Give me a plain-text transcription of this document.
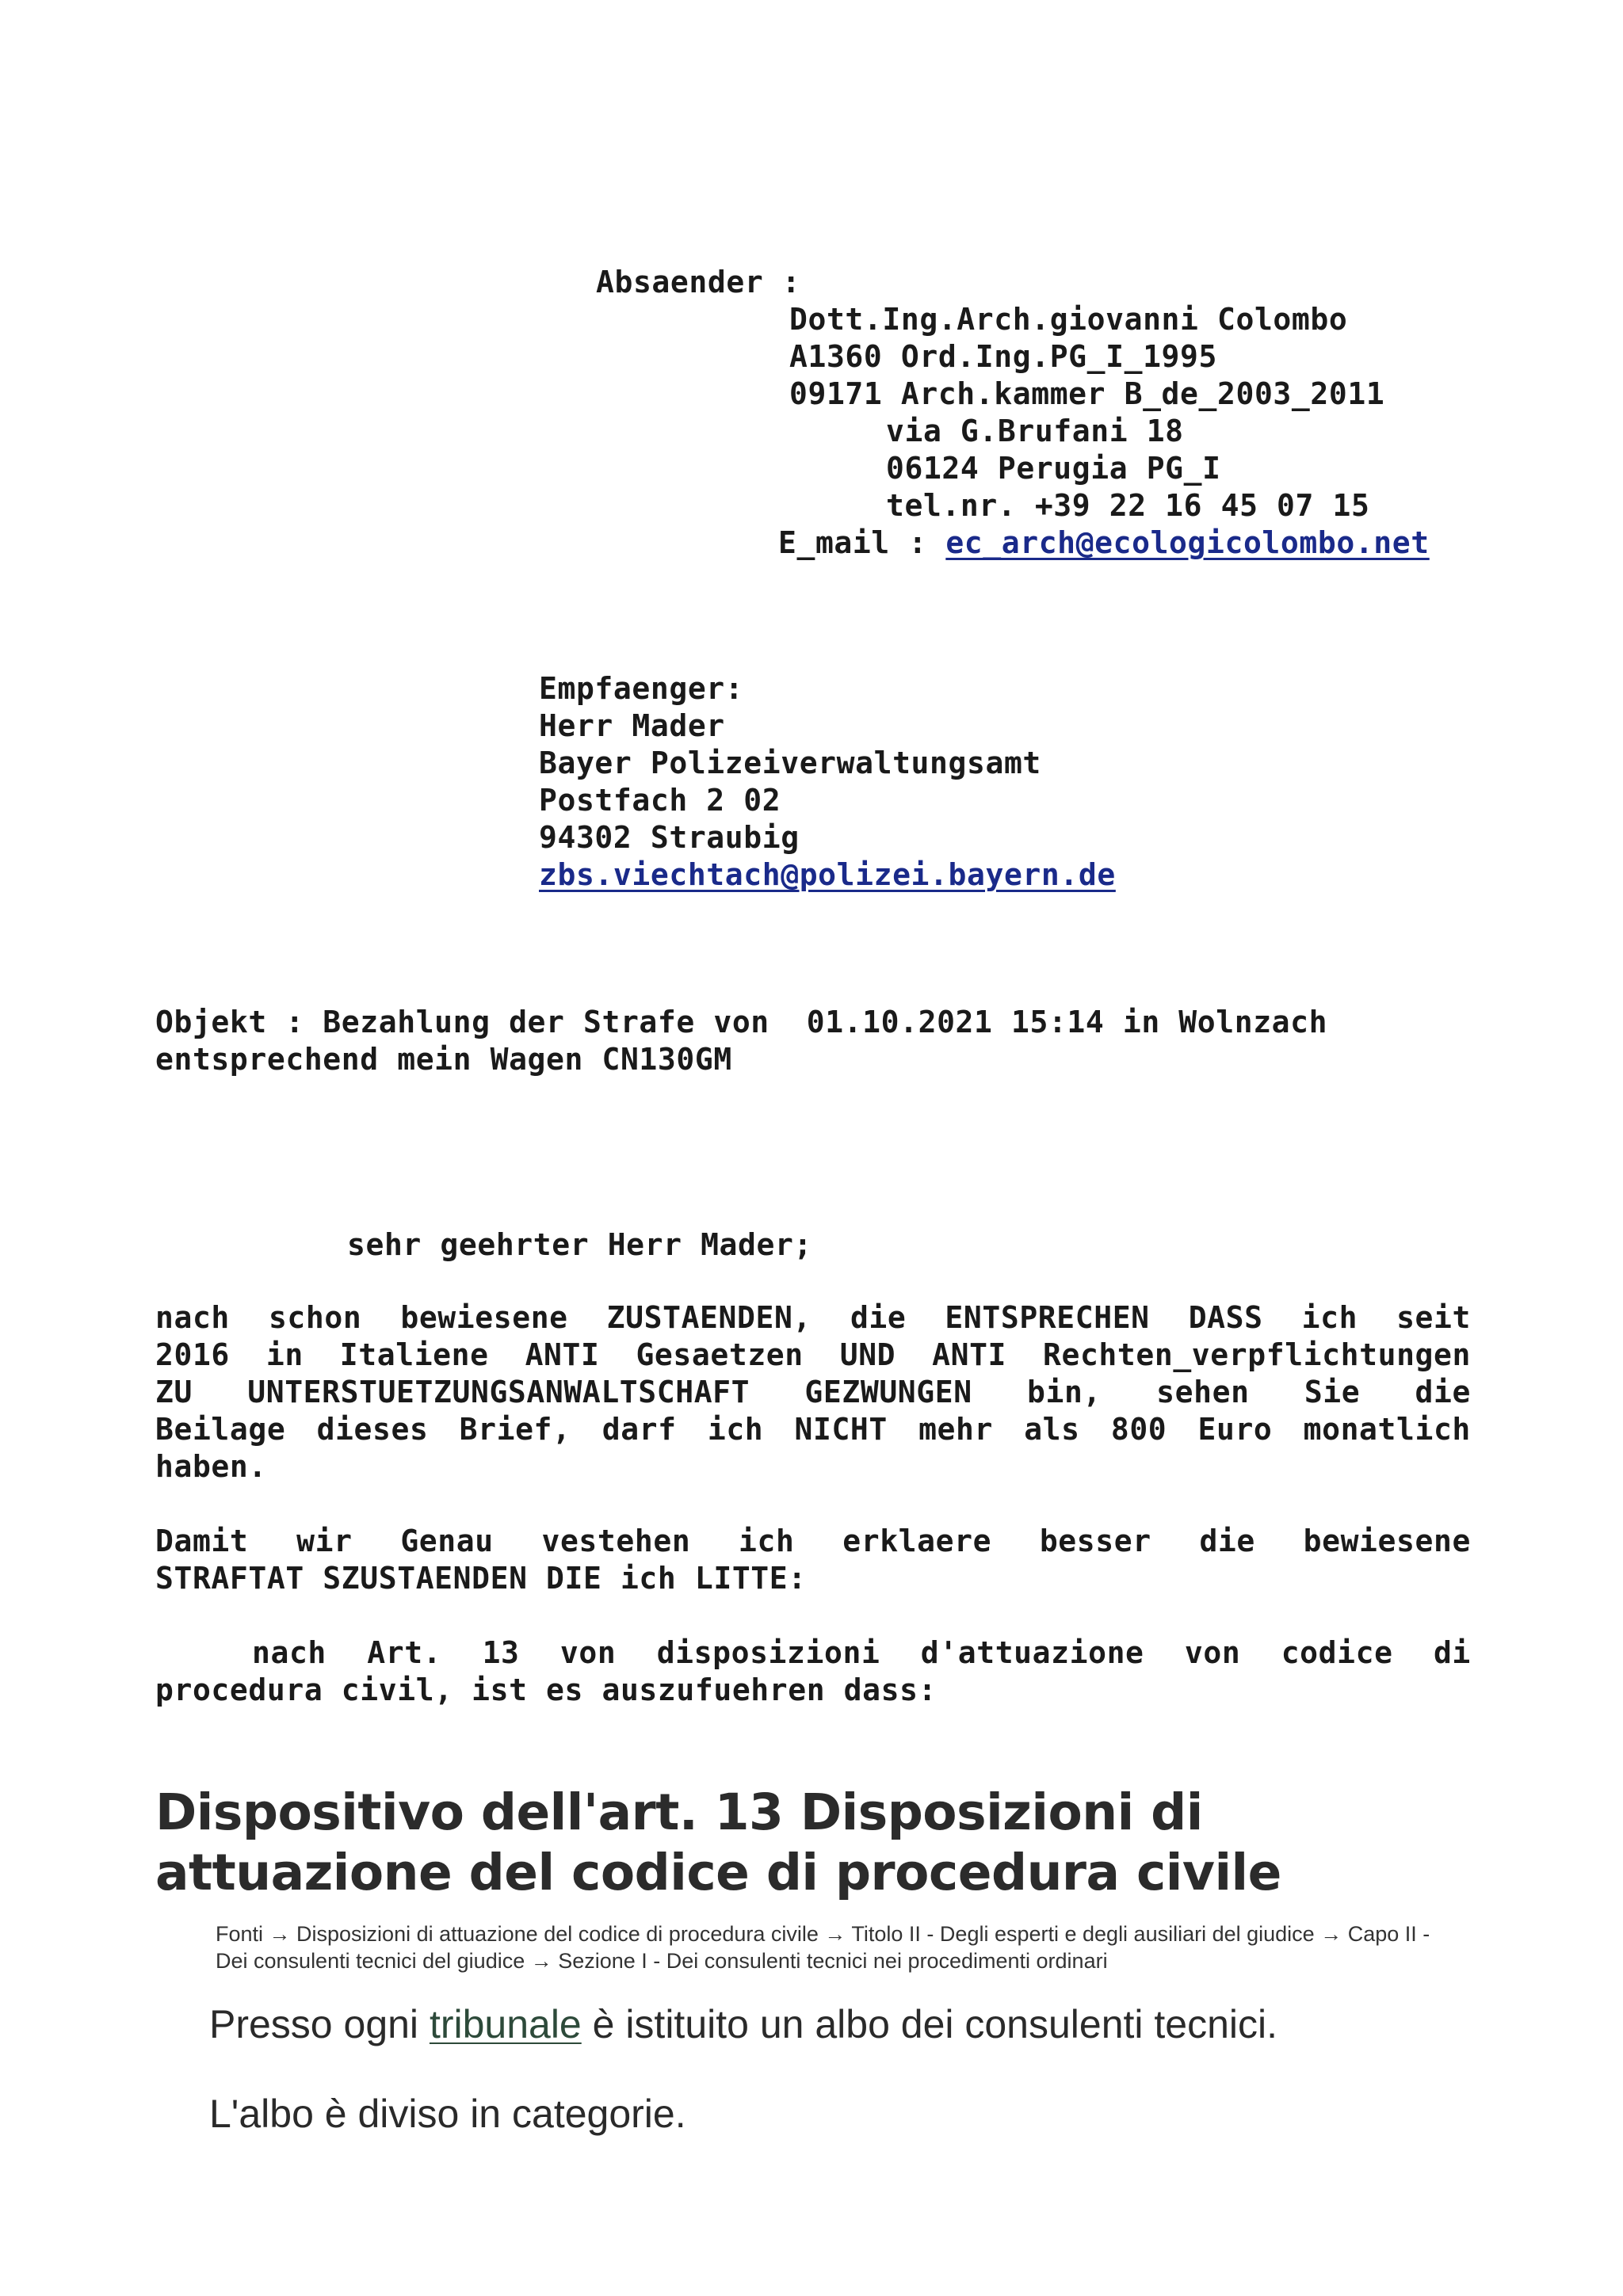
Absaender :
Dott.Ing.Arch.giovanni Colombo
A1360 Ord.Ing.PG_I_1995
09171 Arch.kammer B_de_2003_2011
via G.Brufani 18
06124 Perugia PG_I
tel.nr. +39 22 16 45 07 15
E_mail : ec_arch@ecologicolombo.net
Empfaenger:
Herr Mader
Bayer Polizeiverwaltungsamt
Postfach 2 02
94302 Straubig
zbs.viechtach@polizei.bayern.de
Objekt : Bezahlung der Strafe von  01.10.2021 15:14 in Wolnzach
entsprechend mein Wagen CN130GM
sehr geehrter Herr Mader;
nach schon bewiesene ZUSTAENDEN, die ENTSPRECHEN DASS ich seit
2016 in Italiene ANTI Gesaetzen UND ANTI Rechten_verpflichtungen
ZU UNTERSTUETZUNGSANWALTSCHAFT GEZWUNGEN bin, sehen Sie die
Beilage dieses Brief, darf ich NICHT mehr als 800 Euro monatlich
haben.
Damit wir Genau vestehen ich erklaere besser die bewiesene
STRAFTAT SZUSTAENDEN DIE ich LITTE:
nach Art. 13 von disposizioni d'attuazione von codice di
procedura civil, ist es auszufuehren dass:
Dispositivo dell'art. 13 Disposizioni di attuazione del codice di procedura civile
Fonti → Disposizioni di attuazione del codice di procedura civile → Titolo II - Degli esperti e degli ausiliari del giudice → Capo II - Dei consulenti tecnici del giudice → Sezione I - Dei consulenti tecnici nei procedimenti ordinari
Presso ogni tribunale è istituito un albo dei consulenti tecnici.
L'albo è diviso in categorie.
